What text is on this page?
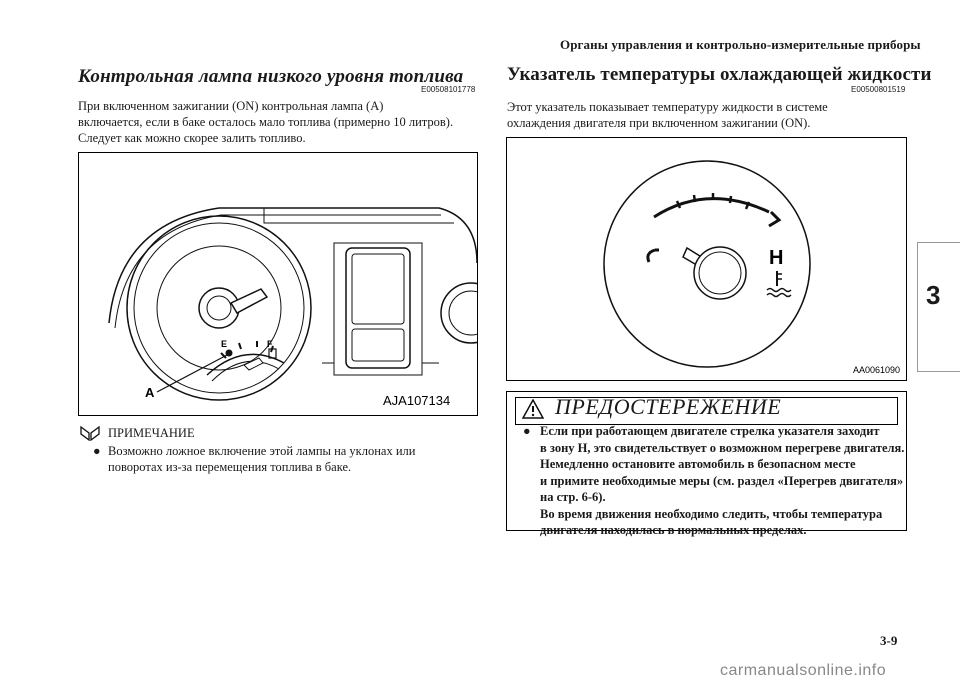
Органы управления и контрольно-измерительные приборы
3
Контрольная лампа низкого уровня топлива
E00508101778
При включенном зажигании (ON) контрольная лампа (A)
включается, если в баке осталось мало топлива (примерно 10 литров).
Следует как можно скорее залить топливо.
E	F
A
AJA107134
ПРИМЕЧАНИЕ
● Возможно ложное включение этой лампы на уклонах или
поворотах из-за перемещения топлива в баке.
Указатель температуры охлаждающей жидкости
E00500801519
Этот указатель показывает температуру жидкости в системе
охлаждения двигателя при включенном зажигании (ON).
H
AA0061090
ПРЕДОСТЕРЕЖЕНИЕ
● Если при работающем двигателе стрелка указателя заходит
в зону H, это свидетельствует о возможном перегреве двигателя.
Немедленно остановите автомобиль в безопасном месте
и примите необходимые меры (см. раздел «Перегрев двигателя»
на стр. 6-6).
Во время движения необходимо следить, чтобы температура
двигателя находилась в нормальных пределах.
3-9
carmanualsonline.info
